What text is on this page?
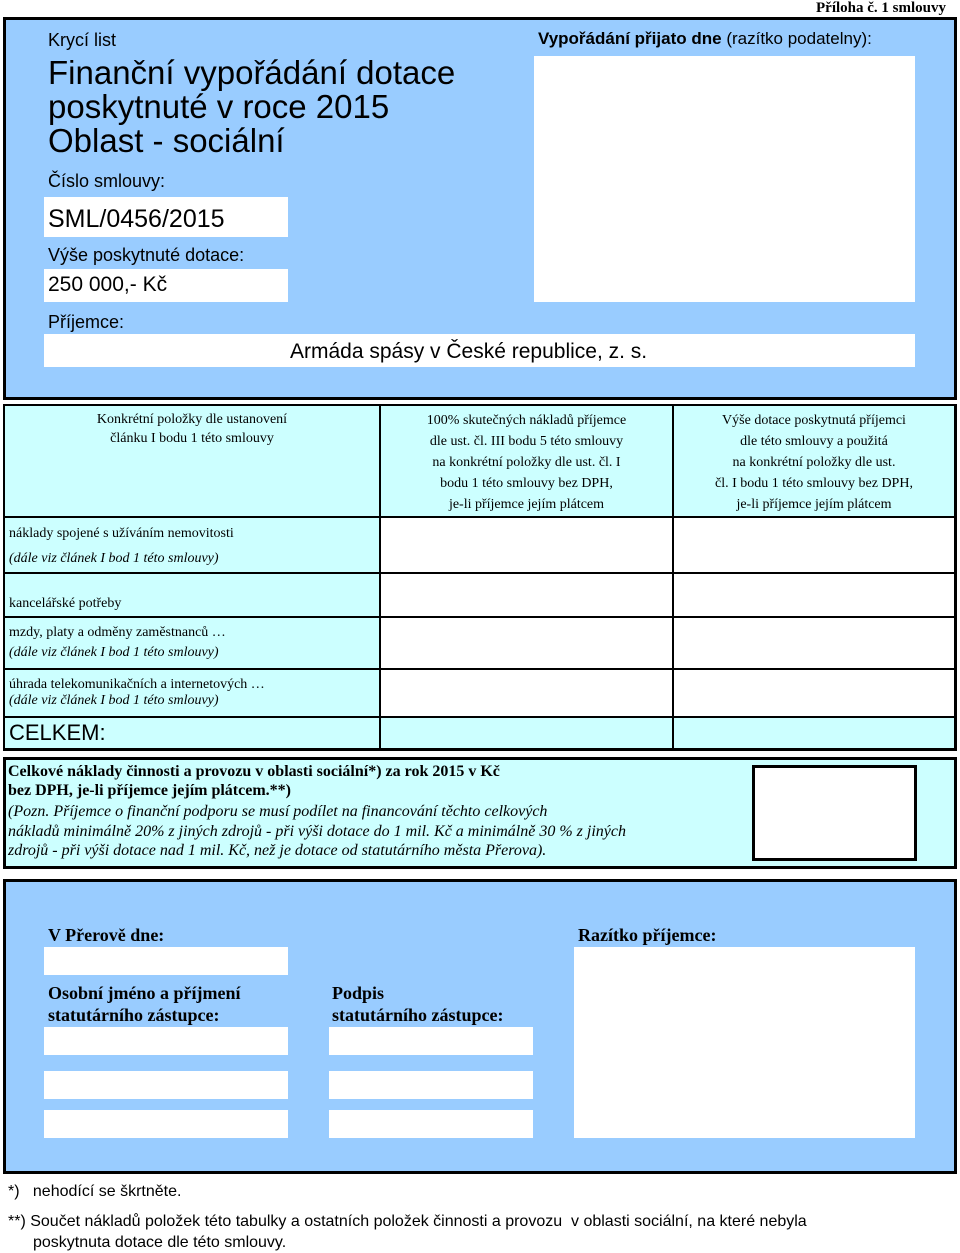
Příloha č. 1 smlouvy
Krycí list
Finanční vypořádání dotace
poskytnuté v roce 2015
Oblast - sociální
Číslo smlouvy:
SML/0456/2015
Výše poskytnuté dotace:
250 000,- Kč
Příjemce:
Armáda spásy v České republice, z. s.
Vypořádání přijato dne (razítko podatelny):
Konkrétní položky dle ustanovení
článku I bodu 1 této smlouvy
100% skutečných nákladů příjemce
dle ust. čl. III bodu 5 této smlouvy
na konkrétní položky dle ust. čl. I
bodu 1 této smlouvy bez DPH,
je-li příjemce jejím plátcem
Výše dotace poskytnutá příjemci
dle této smlouvy a použitá
na konkrétní položky dle ust.
čl. I bodu 1 této smlouvy bez DPH,
je-li příjemce jejím plátcem
náklady spojené s užíváním nemovitosti
(dále viz článek I bod 1 této smlouvy)
kancelářské potřeby
mzdy, platy a odměny zaměstnanců …
(dále viz článek I bod 1 této smlouvy)
úhrada telekomunikačních a internetových …
(dále viz článek I bod 1 této smlouvy)
CELKEM:
Celkové náklady činnosti a provozu v oblasti sociální*) za rok 2015 v Kč
bez DPH, je-li příjemce jejím plátcem.**)
(Pozn. Příjemce o finanční podporu se musí podílet na financování těchto celkových
nákladů minimálně 20% z jiných zdrojů - při výši dotace do 1 mil. Kč a minimálně 30 % z jiných
zdrojů - při výši dotace nad 1 mil. Kč, než je dotace od statutárního města Přerova).
V Přerově dne:	Razítko příjemce:
Osobní jméno a příjmení
statutárního zástupce:
Podpis
statutárního zástupce:
*)   nehodící se škrtněte.
**) Součet nákladů položek této tabulky a ostatních položek činnosti a provozu  v oblasti sociální, na které nebyla
poskytnuta dotace dle této smlouvy.
